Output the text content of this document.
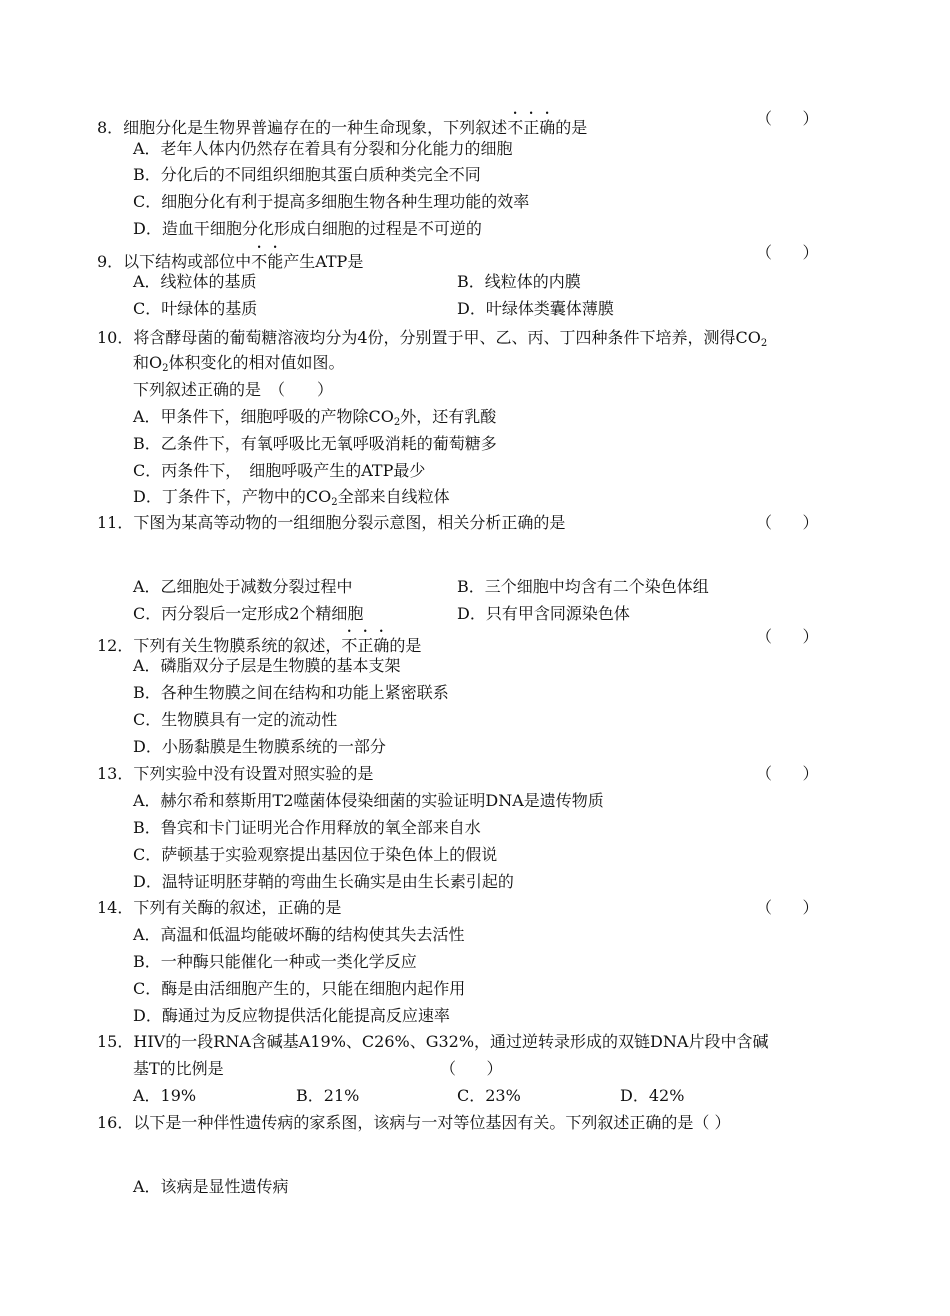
8．细胞分化是生物界普遍存在的一种生命现象，下列叙述不正确的是	（      ）
A．老年人体内仍然存在着具有分裂和分化能力的细胞
B．分化后的不同组织细胞其蛋白质种类完全不同
C．细胞分化有利于提高多细胞生物各种生理功能的效率
D．造血干细胞分化形成白细胞的过程是不可逆的
9．以下结构或部位中不能产生ATP是	（      ）
A．线粒体的基质	B．线粒体的内膜
C．叶绿体的基质	D．叶绿体类囊体薄膜
10．将含酵母菌的葡萄糖溶液均分为4份，分别置于甲、乙、丙、丁四种条件下培养，测得$CO_2$
和$O_2$体积变化的相对值如图。
下列叙述正确的是　（　　）
A．甲条件下，细胞呼吸的产物除$CO_2$外，还有乳酸
B．乙条件下，有氧呼吸比无氧呼吸消耗的葡萄糖多
C．丙条件下，　细胞呼吸产生的ATP最少
D．丁条件下，产物中的$CO_2$全部来自线粒体
11．下图为某高等动物的一组细胞分裂示意图，相关分析正确的是	（      ）
A．乙细胞处于减数分裂过程中	B．三个细胞中均含有二个染色体组
C．丙分裂后一定形成2个精细胞	D．只有甲含同源染色体
12．下列有关生物膜系统的叙述，不正确的是	（      ）
A．磷脂双分子层是生物膜的基本支架
B．各种生物膜之间在结构和功能上紧密联系
C．生物膜具有一定的流动性
D．小肠黏膜是生物膜系统的一部分
13．下列实验中没有设置对照实验的是	（      ）
A．赫尔希和蔡斯用T2噬菌体侵染细菌的实验证明DNA是遗传物质
B．鲁宾和卡门证明光合作用释放的氧全部来自水
C．萨顿基于实验观察提出基因位于染色体上的假说
D．温特证明胚芽鞘的弯曲生长确实是由生长素引起的
14．下列有关酶的叙述，正确的是	（      ）
A．高温和低温均能破坏酶的结构使其失去活性
B．一种酶只能催化一种或一类化学反应
C．酶是由活细胞产生的，只能在细胞内起作用
D．酶通过为反应物提供活化能提高反应速率
15．HIV的一段RNA含碱基A19%、C26%、G32%，通过逆转录形成的双链DNA片段中含碱
基T的比例是	（      ）
A．19%	B．21%	C．23%	D．42%
16．以下是一种伴性遗传病的家系图，该病与一对等位基因有关。下列叙述正确的是（ ）
A．该病是显性遗传病
